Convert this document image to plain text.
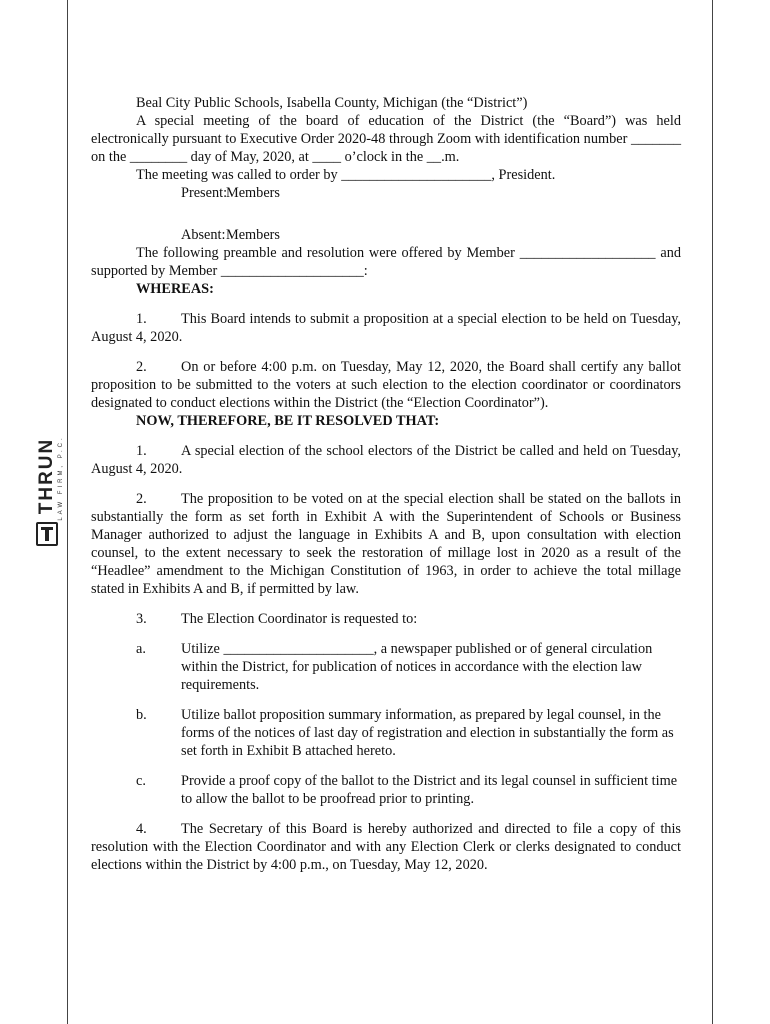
THRUN LAW FIRM, P.C.

Beal City Public Schools, Isabella County, Michigan (the “District”)

A special meeting of the board of education of the District (the “Board”) was held electronically pursuant to Executive Order 2020-48 through Zoom with identification number _______ on the ________ day of May, 2020, at ____ o’clock in the __.m.

The meeting was called to order by _____________________, President.

Present:Members

Absent:Members

The following preamble and resolution were offered by Member ___________________ and supported by Member ____________________:

WHEREAS:

1. This Board intends to submit a proposition at a special election to be held on Tuesday, August 4, 2020.

2. On or before 4:00 p.m. on Tuesday, May 12, 2020, the Board shall certify any ballot proposition to be submitted to the voters at such election to the election coordinator or coordinators designated to conduct elections within the District (the “Election Coordinator”).

NOW, THEREFORE, BE IT RESOLVED THAT:

1. A special election of the school electors of the District be called and held on Tuesday, August 4, 2020.

2. The proposition to be voted on at the special election shall be stated on the ballots in substantially the form as set forth in Exhibit A with the Superintendent of Schools or Business Manager authorized to adjust the language in Exhibits A and B, upon consultation with election counsel, to the extent necessary to seek the restoration of millage lost in 2020 as a result of the “Headlee” amendment to the Michigan Constitution of 1963, in order to achieve the total millage stated in Exhibits A and B, if permitted by law.

3. The Election Coordinator is requested to:

a. Utilize _____________________, a newspaper published or of general circulation within the District, for publication of notices in accordance with the election law requirements.

b. Utilize ballot proposition summary information, as prepared by legal counsel, in the forms of the notices of last day of registration and election in substantially the form as set forth in Exhibit B attached hereto.

c. Provide a proof copy of the ballot to the District and its legal counsel in sufficient time to allow the ballot to be proofread prior to printing.

4. The Secretary of this Board is hereby authorized and directed to file a copy of this resolution with the Election Coordinator and with any Election Clerk or clerks designated to conduct elections within the District by 4:00 p.m., on Tuesday, May 12, 2020.
